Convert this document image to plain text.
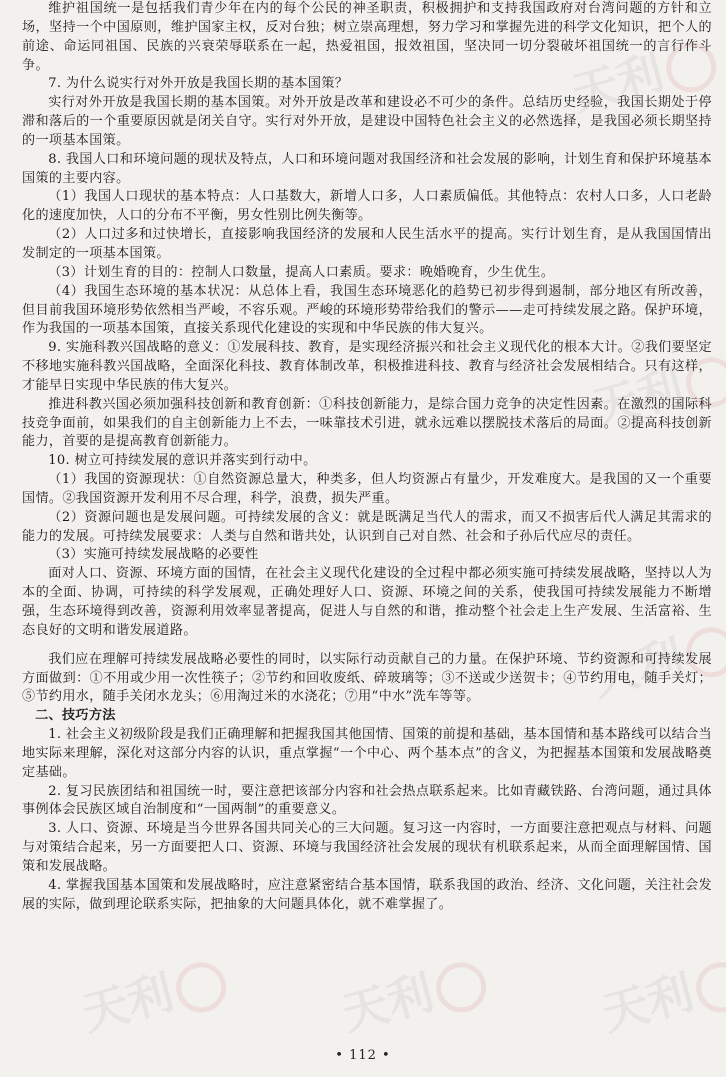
天利
天利
天利
天利	天利	天利

维护祖国统一是包括我们青少年在内的每个公民的神圣职责，积极拥护和支持我国政府对台湾问题的方针和立场，坚持一个中国原则，维护国家主权，反对台独；树立崇高理想，努力学习和掌握先进的科学文化知识，把个人的前途、命运同祖国、民族的兴衰荣辱联系在一起，热爱祖国，报效祖国，坚决同一切分裂破坏祖国统一的言行作斗争。

7. 为什么说实行对外开放是我国长期的基本国策？

实行对外开放是我国长期的基本国策。对外开放是改革和建设必不可少的条件。总结历史经验，我国长期处于停滞和落后的一个重要原因就是闭关自守。实行对外开放，是建设中国特色社会主义的必然选择，是我国必须长期坚持的一项基本国策。

8. 我国人口和环境问题的现状及特点，人口和环境问题对我国经济和社会发展的影响，计划生育和保护环境基本国策的主要内容。

（1）我国人口现状的基本特点：人口基数大，新增人口多，人口素质偏低。其他特点：农村人口多，人口老龄化的速度加快，人口的分布不平衡，男女性别比例失衡等。

（2）人口过多和过快增长，直接影响我国经济的发展和人民生活水平的提高。实行计划生育，是从我国国情出发制定的一项基本国策。

（3）计划生育的目的：控制人口数量，提高人口素质。要求：晚婚晚育，少生优生。

（4）我国生态环境的基本状况：从总体上看，我国生态环境恶化的趋势已初步得到遏制，部分地区有所改善，但目前我国环境形势依然相当严峻，不容乐观。严峻的环境形势带给我们的警示——走可持续发展之路。保护环境，作为我国的一项基本国策，直接关系现代化建设的实现和中华民族的伟大复兴。

9. 实施科教兴国战略的意义：①发展科技、教育，是实现经济振兴和社会主义现代化的根本大计。②我们要坚定不移地实施科教兴国战略，全面深化科技、教育体制改革，积极推进科技、教育与经济社会发展相结合。只有这样，才能早日实现中华民族的伟大复兴。

推进科教兴国必须加强科技创新和教育创新：①科技创新能力，是综合国力竞争的决定性因素。在激烈的国际科技竞争面前，如果我们的自主创新能力上不去，一味靠技术引进，就永远难以摆脱技术落后的局面。②提高科技创新能力，首要的是提高教育创新能力。

10. 树立可持续发展的意识并落实到行动中。

（1）我国的资源现状：①自然资源总量大，种类多，但人均资源占有量少，开发难度大。是我国的又一个重要国情。②我国资源开发利用不尽合理，科学，浪费，损失严重。

（2）资源问题也是发展问题。可持续发展的含义：就是既满足当代人的需求，而又不损害后代人满足其需求的能力的发展。可持续发展要求：人类与自然和谐共处，认识到自己对自然、社会和子孙后代应尽的责任。

（3）实施可持续发展战略的必要性

面对人口、资源、环境方面的国情，在社会主义现代化建设的全过程中都必须实施可持续发展战略，坚持以人为本的全面、协调，可持续的科学发展观，正确处理好人口、资源、环境之间的关系，使我国可持续发展能力不断增强，生态环境得到改善，资源利用效率显著提高，促进人与自然的和谐，推动整个社会走上生产发展、生活富裕、生态良好的文明和谐发展道路。

我们应在理解可持续发展战略必要性的同时，以实际行动贡献自己的力量。在保护环境、节约资源和可持续发展方面做到：①不用或少用一次性筷子；②节约和回收废纸、碎玻璃等；③不送或少送贺卡；④节约用电，随手关灯；⑤节约用水，随手关闭水龙头；⑥用淘过米的水浇花；⑦用“中水”洗车等等。

二、技巧方法

1. 社会主义初级阶段是我们正确理解和把握我国其他国情、国策的前提和基础，基本国情和基本路线可以结合当地实际来理解，深化对这部分内容的认识，重点掌握“一个中心、两个基本点”的含义，为把握基本国策和发展战略奠定基础。

2. 复习民族团结和祖国统一时，要注意把该部分内容和社会热点联系起来。比如青藏铁路、台湾问题，通过具体事例体会民族区域自治制度和“一国两制”的重要意义。

3. 人口、资源、环境是当今世界各国共同关心的三大问题。复习这一内容时，一方面要注意把观点与材料、问题与对策结合起来，另一方面要把人口、资源、环境与我国经济社会发展的现状有机联系起来，从而全面理解国情、国策和发展战略。

4. 掌握我国基本国策和发展战略时，应注意紧密结合基本国情，联系我国的政治、经济、文化问题，关注社会发展的实际，做到理论联系实际，把抽象的大问题具体化，就不难掌握了。

• 112 •
